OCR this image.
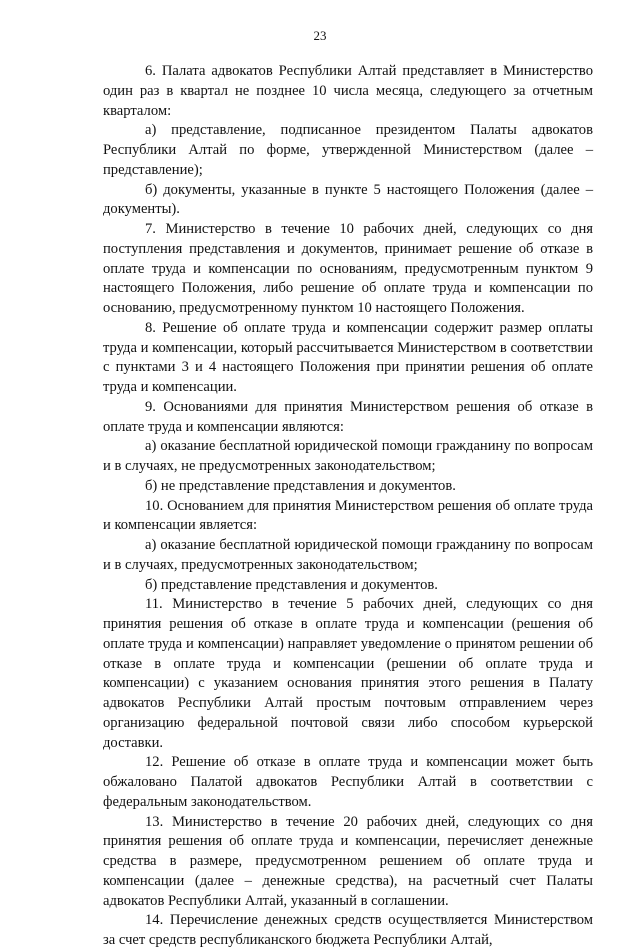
23

6. Палата адвокатов Республики Алтай представляет в Министерство один раз в квартал не позднее 10 числа месяца, следующего за отчетным кварталом:

а) представление, подписанное президентом Палаты адвокатов Республики Алтай по форме, утвержденной Министерством (далее – представление);

б) документы, указанные в пункте 5 настоящего Положения (далее – документы).

7. Министерство в течение 10 рабочих дней, следующих со дня поступления представления и документов, принимает решение об отказе в оплате труда и компенсации по основаниям, предусмотренным пунктом 9 настоящего Положения, либо решение об оплате труда и компенсации по основанию, предусмотренному пунктом 10 настоящего Положения.

8. Решение об оплате труда и компенсации содержит размер оплаты труда и компенсации, который рассчитывается Министерством в соответствии с пунктами 3 и 4 настоящего Положения при принятии решения об оплате труда и компенсации.

9. Основаниями для принятия Министерством решения об отказе в оплате труда и компенсации являются:

а) оказание бесплатной юридической помощи гражданину по вопросам и в случаях, не предусмотренных законодательством;

б) не представление представления и документов.

10. Основанием для принятия Министерством решения об оплате труда и компенсации является:

а) оказание бесплатной юридической помощи гражданину по вопросам и в случаях, предусмотренных законодательством;

б) представление представления и документов.

11. Министерство в течение 5 рабочих дней, следующих со дня принятия решения об отказе в оплате труда и компенсации (решения об оплате труда и компенсации) направляет уведомление о принятом решении об отказе в оплате труда и компенсации (решении об оплате труда и компенсации) с указанием основания принятия этого решения в Палату адвокатов Республики Алтай простым почтовым отправлением через организацию федеральной почтовой связи либо способом курьерской доставки.

12. Решение об отказе в оплате труда и компенсации может быть обжаловано Палатой адвокатов Республики Алтай в соответствии с федеральным законодательством.

13. Министерство в течение 20 рабочих дней, следующих со дня принятия решения об оплате труда и компенсации, перечисляет денежные средства в размере, предусмотренном решением об оплате труда и компенсации (далее – денежные средства), на расчетный счет Палаты адвокатов Республики Алтай, указанный в соглашении.

14. Перечисление денежных средств осуществляется Министерством за счет средств республиканского бюджета Республики Алтай,
